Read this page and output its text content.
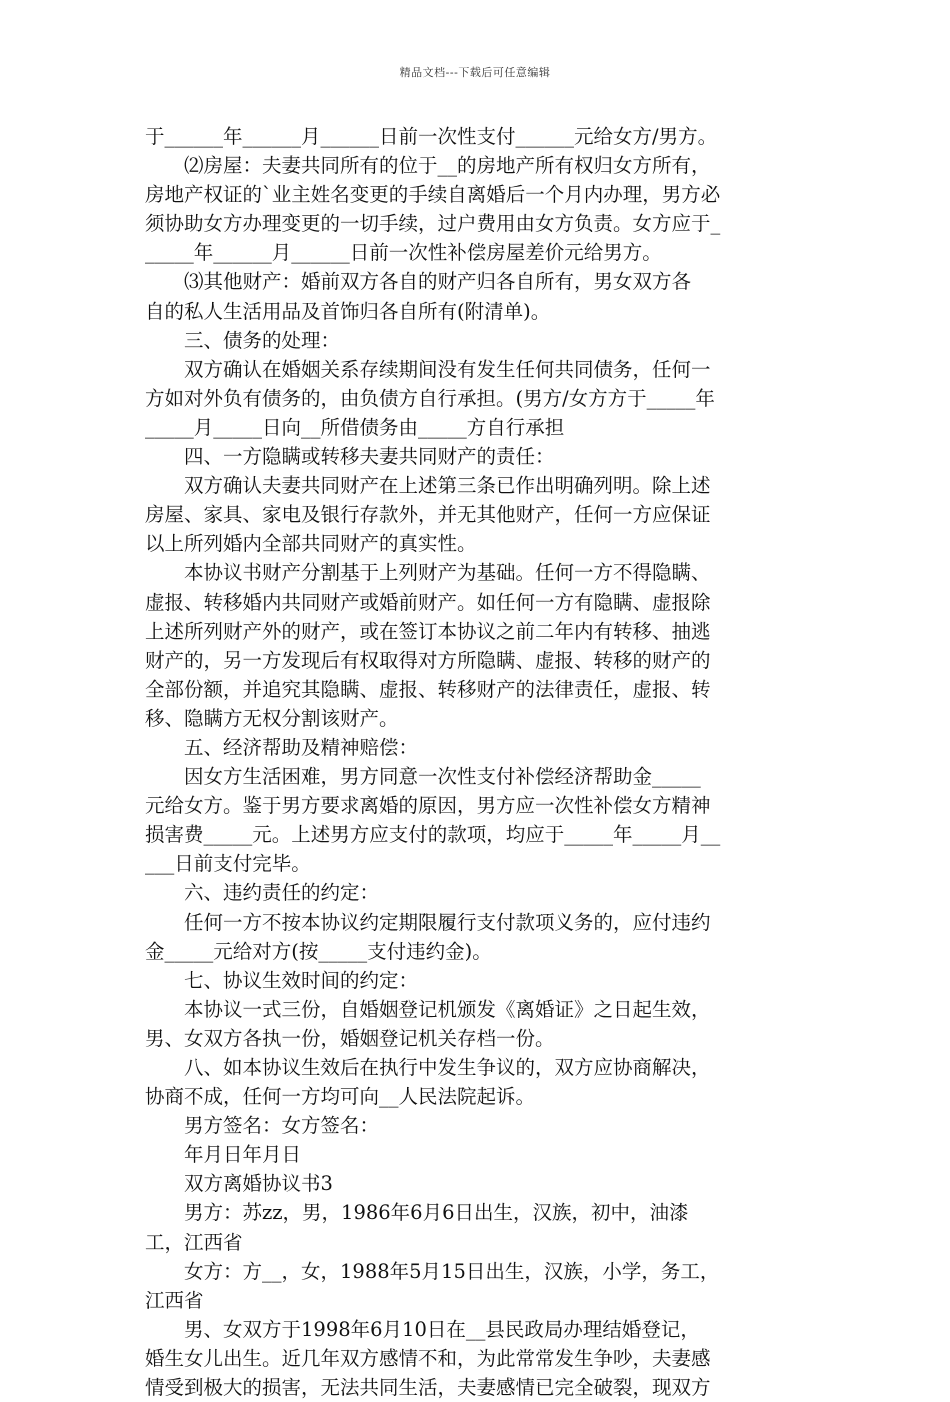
精品文档---下载后可任意编辑
于______年______月______日前一次性支付______元给女方/男方。
　　⑵房屋：夫妻共同所有的位于__的房地产所有权归女方所有，
房地产权证的`业主姓名变更的手续自离婚后一个月内办理，男方必
须协助女方办理变更的一切手续，过户费用由女方负责。女方应于_
_____年______月______日前一次性补偿房屋差价元给男方。
　　⑶其他财产：婚前双方各自的财产归各自所有，男女双方各
自的私人生活用品及首饰归各自所有(附清单)。
　　三、债务的处理：
　　双方确认在婚姻关系存续期间没有发生任何共同债务，任何一
方如对外负有债务的，由负债方自行承担。(男方/女方方于_____年
_____月_____日向__所借债务由_____方自行承担
　　四、一方隐瞒或转移夫妻共同财产的责任：
　　双方确认夫妻共同财产在上述第三条已作出明确列明。除上述
房屋、家具、家电及银行存款外，并无其他财产，任何一方应保证
以上所列婚内全部共同财产的真实性。
　　本协议书财产分割基于上列财产为基础。任何一方不得隐瞒、
虚报、转移婚内共同财产或婚前财产。如任何一方有隐瞒、虚报除
上述所列财产外的财产，或在签订本协议之前二年内有转移、抽逃
财产的，另一方发现后有权取得对方所隐瞒、虚报、转移的财产的
全部份额，并追究其隐瞒、虚报、转移财产的法律责任，虚报、转
移、隐瞒方无权分割该财产。
　　五、经济帮助及精神赔偿：
　　因女方生活困难，男方同意一次性支付补偿经济帮助金_____
元给女方。鉴于男方要求离婚的原因，男方应一次性补偿女方精神
损害费_____元。上述男方应支付的款项，均应于_____年_____月__
___日前支付完毕。
　　六、违约责任的约定：
　　任何一方不按本协议约定期限履行支付款项义务的，应付违约
金_____元给对方(按_____支付违约金)。
　　七、协议生效时间的约定：
　　本协议一式三份，自婚姻登记机颁发《离婚证》之日起生效，
男、女双方各执一份，婚姻登记机关存档一份。
　　八、如本协议生效后在执行中发生争议的，双方应协商解决，
协商不成，任何一方均可向__人民法院起诉。
　　男方签名：女方签名：
　　年月日年月日
　　双方离婚协议书3
　　男方：苏zz，男，1986年6月6日出生，汉族，初中，油漆
工，江西省
　　女方：方__，女，1988年5月15日出生，汉族，小学，务工，
江西省
　　男、女双方于1998年6月10日在__县民政局办理结婚登记，
婚生女儿出生。近几年双方感情不和，为此常常发生争吵，夫妻感
情受到极大的损害，无法共同生活，夫妻感情已完全破裂，现双方
